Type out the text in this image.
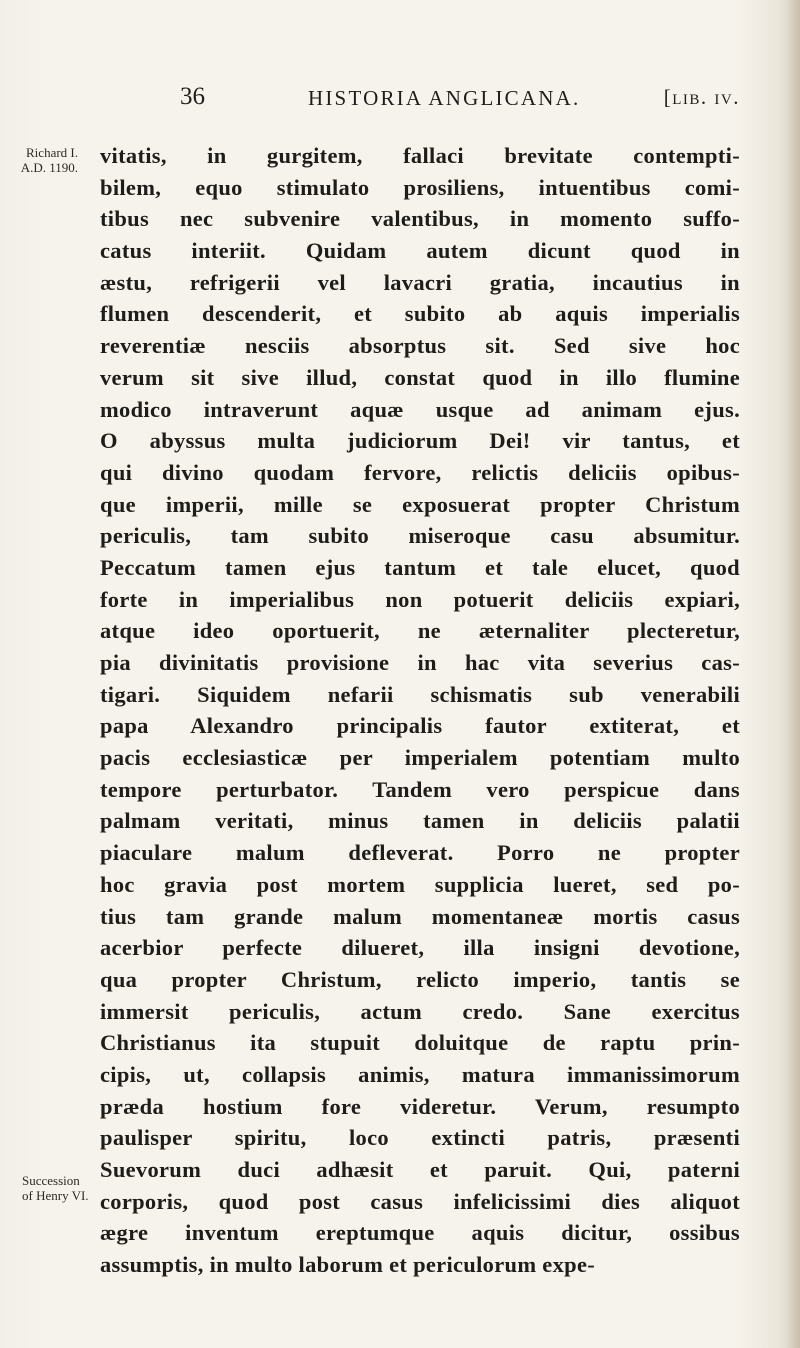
36	HISTORIA ANGLICANA.	[lib. iv.
Richard I.
A.D. 1190.
Succession
of Henry VI.
vitatis, in gurgitem, fallaci brevitate contempti-
bilem, equo stimulato prosiliens, intuentibus comi-
tibus nec subvenire valentibus, in momento suffo-
catus interiit. Quidam autem dicunt quod in
æstu, refrigerii vel lavacri gratia, incautius in
flumen descenderit, et subito ab aquis imperialis
reverentiæ nesciis absorptus sit. Sed sive hoc
verum sit sive illud, constat quod in illo flumine
modico intraverunt aquæ usque ad animam ejus.
O abyssus multa judiciorum Dei! vir tantus, et
qui divino quodam fervore, relictis deliciis opibus-
que imperii, mille se exposuerat propter Christum
periculis, tam subito miseroque casu absumitur.
Peccatum tamen ejus tantum et tale elucet, quod
forte in imperialibus non potuerit deliciis expiari,
atque ideo oportuerit, ne æternaliter plecteretur,
pia divinitatis provisione in hac vita severius cas-
tigari. Siquidem nefarii schismatis sub venerabili
papa Alexandro principalis fautor extiterat, et
pacis ecclesiasticæ per imperialem potentiam multo
tempore perturbator. Tandem vero perspicue dans
palmam veritati, minus tamen in deliciis palatii
piaculare malum defleverat. Porro ne propter
hoc gravia post mortem supplicia lueret, sed po-
tius tam grande malum momentaneæ mortis casus
acerbior perfecte dilueret, illa insigni devotione,
qua propter Christum, relicto imperio, tantis se
immersit periculis, actum credo. Sane exercitus
Christianus ita stupuit doluitque de raptu prin-
cipis, ut, collapsis animis, matura immanissimorum
præda hostium fore videretur. Verum, resumpto
paulisper spiritu, loco extincti patris, præsenti
Suevorum duci adhæsit et paruit. Qui, paterni
corporis, quod post casus infelicissimi dies aliquot
ægre inventum ereptumque aquis dicitur, ossibus
assumptis, in multo laborum et periculorum expe-
